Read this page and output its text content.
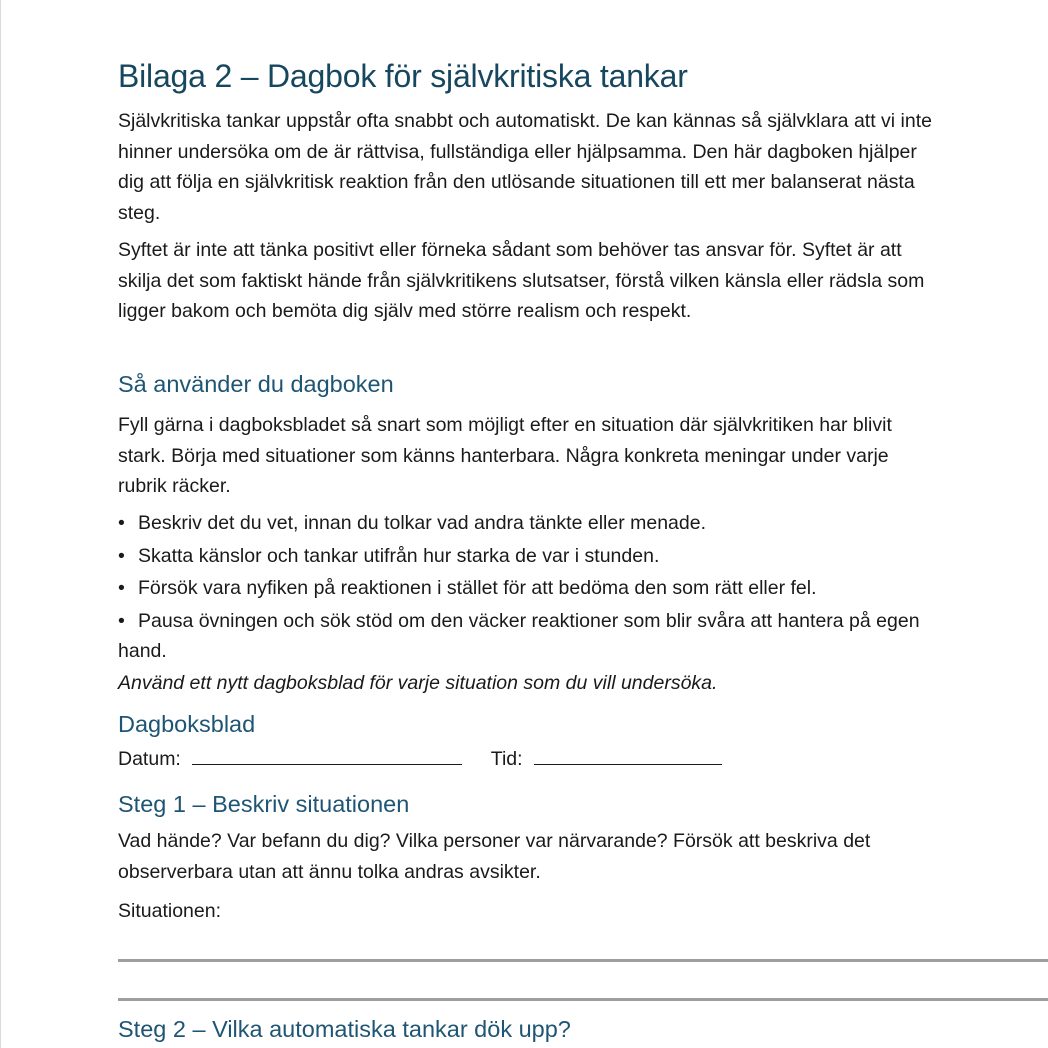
Bilaga 2 – Dagbok för självkritiska tankar

Självkritiska tankar uppstår ofta snabbt och automatiskt. De kan kännas så självklara att vi inte hinner undersöka om de är rättvisa, fullständiga eller hjälpsamma. Den här dagboken hjälper dig att följa en självkritisk reaktion från den utlösande situationen till ett mer balanserat nästa steg.

Syftet är inte att tänka positivt eller förneka sådant som behöver tas ansvar för. Syftet är att skilja det som faktiskt hände från självkritikens slutsatser, förstå vilken känsla eller rädsla som ligger bakom och bemöta dig själv med större realism och respekt.

Så använder du dagboken

Fyll gärna i dagboksbladet så snart som möjligt efter en situation där självkritiken har blivit stark. Börja med situationer som känns hanterbara. Några konkreta meningar under varje rubrik räcker.

• Beskriv det du vet, innan du tolkar vad andra tänkte eller menade.
• Skatta känslor och tankar utifrån hur starka de var i stunden.
• Försök vara nyfiken på reaktionen i stället för att bedöma den som rätt eller fel.
• Pausa övningen och sök stöd om den väcker reaktioner som blir svåra att hantera på egen hand.

Använd ett nytt dagboksblad för varje situation som du vill undersöka.

Dagboksblad
Datum:	Tid:
Steg 1 – Beskriv situationen

Vad hände? Var befann du dig? Vilka personer var närvarande? Försök att beskriva det observerbara utan att ännu tolka andras avsikter.

Situationen:

Steg 2 – Vilka automatiska tankar dök upp?
